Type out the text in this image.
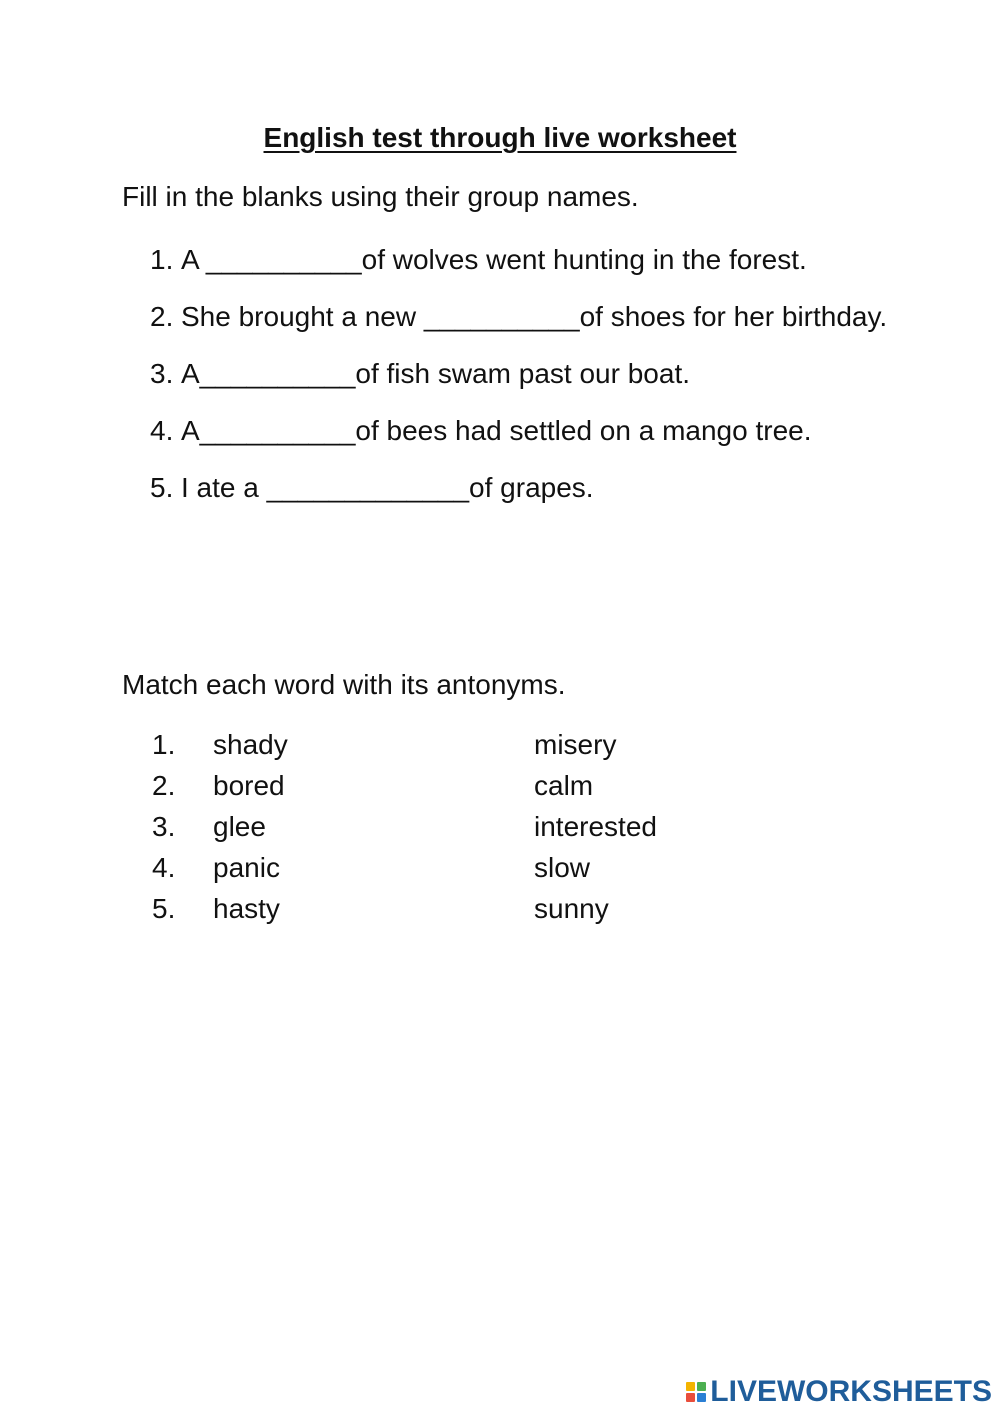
English test through live worksheet
Fill in the blanks using their group names.
1. A __________of wolves went hunting in the forest.
2. She brought a new __________of shoes for her birthday.
3. A__________of fish swam past our boat.
4. A__________of bees had settled on a mango tree.
5. I ate a _____________of grapes.
Match each word with its antonyms.
1.	shady	misery
2.	bored	calm
3.	glee	interested
4.	panic	slow
5.	hasty	sunny
LIVEWORKSHEETS
